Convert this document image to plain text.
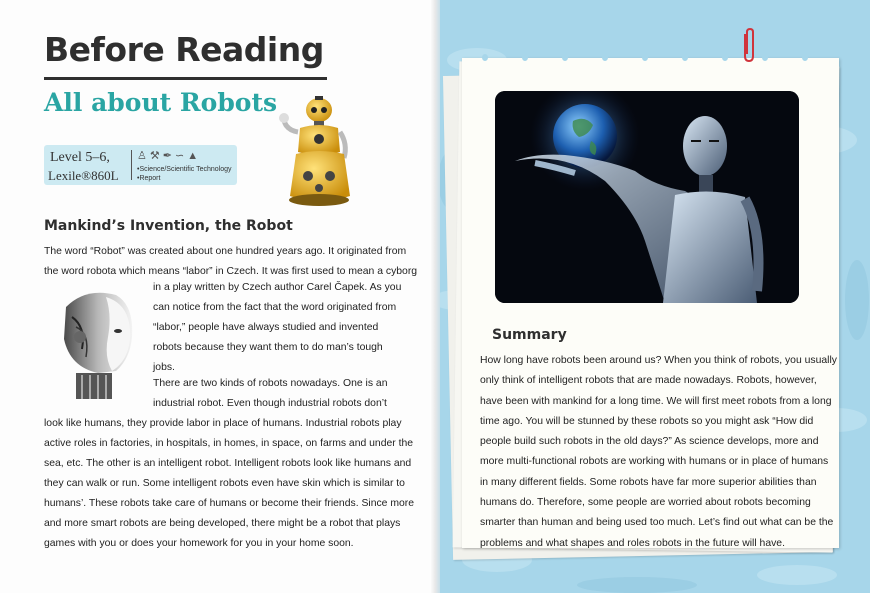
Before Reading
All about Robots
Level 5–6,
Lexile®860L
♙⚒✒∽▲
•Science/Scientific Technology
•Report
Mankind’s Invention, the Robot

The word “Robot” was created about one hundred years ago. It originated from

the word robota which means “labor” in Czech. It was first used to mean a cyborg

in a play written by Czech author Carel Čapek. As you

can notice from the fact that the word originated from

“labor,” people have always studied and invented

robots because they want them to do man’s tough

jobs.

There are two kinds of robots nowadays. One is an

industrial robot. Even though industrial robots don’t

look like humans, they provide labor in place of humans. Industrial robots play

active roles in factories, in hospitals, in homes, in space, on farms and under the

sea, etc. The other is an intelligent robot. Intelligent robots look like humans and

they can walk or run. Some intelligent robots even have skin which is similar to

humans’. These robots take care of humans or become their friends. Since more

and more smart robots are being developed, there might be a robot that plays

games with you or does your homework for you in your home soon.

Summary
How long have robots been around us? When you think of robots, you usually
only think of intelligent robots that are made nowadays. Robots, however,
have been with mankind for a long time. We will first meet robots from a long
time ago. You will be stunned by these robots so you might ask “How did
people build such robots in the old days?” As science develops, more and
more multi-functional robots are working with humans or in place of humans
in many different fields. Some robots have far more superior abilities than
humans do. Therefore, some people are worried about robots becoming
smarter than human and being used too much. Let’s find out what can be the
problems and what shapes and roles robots in the future will have.
